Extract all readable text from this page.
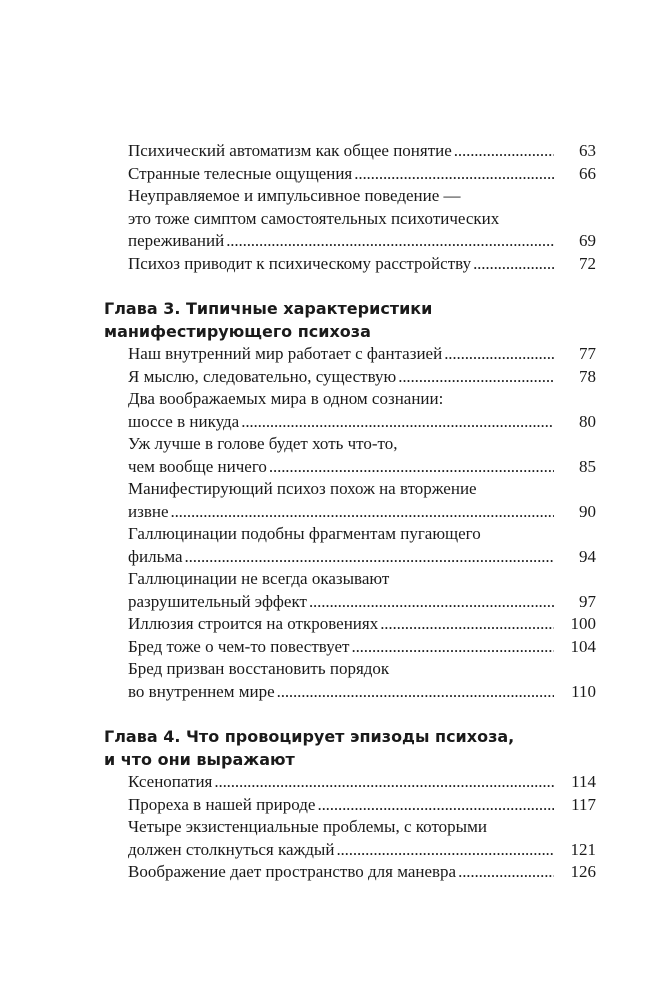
Психический автоматизм как общее понятие . . .	63
Странные телесные ощущения . . .	66
Неуправляемое и импульсивное поведение —
это тоже симптом самостоятельных психотических
переживаний . . .	69
Психоз приводит к психическому расстройству . . .	72
Глава 3. Типичные характеристики
манифестирующего психоза
Наш внутренний мир работает с фантазией . . .	77
Я мыслю, следовательно, существую . . .	78
Два воображаемых мира в одном сознании:
шоссе в никуда . . .	80
Уж лучше в голове будет хоть что-то,
чем вообще ничего . . .	85
Манифестирующий психоз похож на вторжение
извне . . .	90
Галлюцинации подобны фрагментам пугающего
фильма . . .	94
Галлюцинации не всегда оказывают
разрушительный эффект . . .	97
Иллюзия строится на откровениях . . .	100
Бред тоже о чем-то повествует . . .	104
Бред призван восстановить порядок
во внутреннем мире . . .	110
Глава 4. Что провоцирует эпизоды психоза,
и что они выражают
Ксенопатия . . .	114
Прореха в нашей природе . . .	117
Четыре экзистенциальные проблемы, с которыми
должен столкнуться каждый . . .	121
Воображение дает пространство для маневра . . .	126
